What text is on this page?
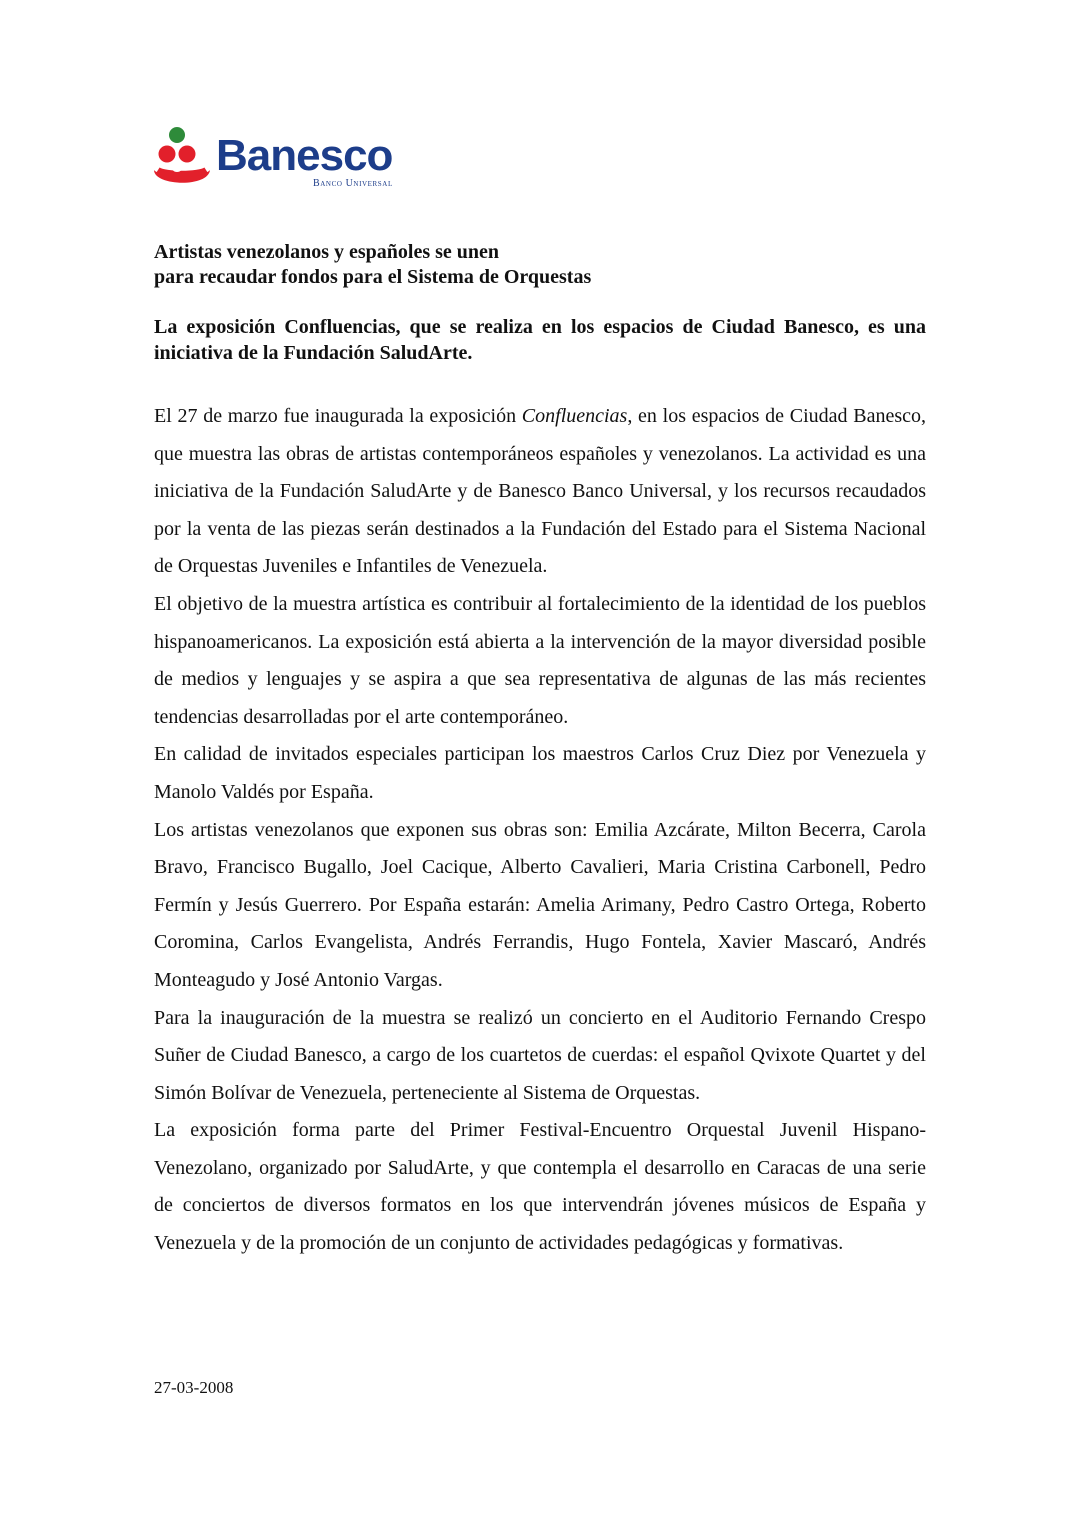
Banesco
Banco Universal
Artistas venezolanos y españoles se unen
para recaudar fondos para el Sistema de Orquestas
La exposición Confluencias, que se realiza en los espacios de Ciudad Banesco, es una iniciativa de la Fundación SaludArte.

El 27 de marzo fue inaugurada la exposición Confluencias, en los espacios de Ciudad Banesco, que muestra las obras de artistas contemporáneos españoles y venezolanos. La actividad es una iniciativa de la Fundación SaludArte y de Banesco Banco Universal, y los recursos recaudados por la venta de las piezas serán destinados a la Fundación del Estado para el Sistema Nacional de Orquestas Juveniles e Infantiles de Venezuela.

El objetivo de la muestra artística es contribuir al fortalecimiento de la identidad de los pueblos hispanoamericanos. La exposición está abierta a la intervención de la mayor diversidad posible de medios y lenguajes y se aspira a que sea representativa de algunas de las más recientes tendencias desarrolladas por el arte contemporáneo.

En calidad de invitados especiales participan los maestros Carlos Cruz Diez por Venezuela y Manolo Valdés por España.

Los artistas venezolanos que exponen sus obras son: Emilia Azcárate, Milton Becerra, Carola Bravo, Francisco Bugallo, Joel Cacique, Alberto Cavalieri, Maria Cristina Carbonell, Pedro Fermín y Jesús Guerrero. Por España estarán: Amelia Arimany, Pedro Castro Ortega, Roberto Coromina, Carlos Evangelista, Andrés Ferrandis, Hugo Fontela, Xavier Mascaró, Andrés Monteagudo y José Antonio Vargas.

Para la inauguración de la muestra se realizó un concierto en el Auditorio Fernando Crespo Suñer de Ciudad Banesco, a cargo de los cuartetos de cuerdas: el español Qvixote Quartet y del Simón Bolívar de Venezuela, perteneciente al Sistema de Orquestas.

La exposición forma parte del Primer Festival-Encuentro Orquestal Juvenil Hispano-Venezolano, organizado por SaludArte, y que contempla el desarrollo en Caracas de una serie de conciertos de diversos formatos en los que intervendrán jóvenes músicos de España y Venezuela y de la promoción de un conjunto de actividades pedagógicas y formativas.

27-03-2008
